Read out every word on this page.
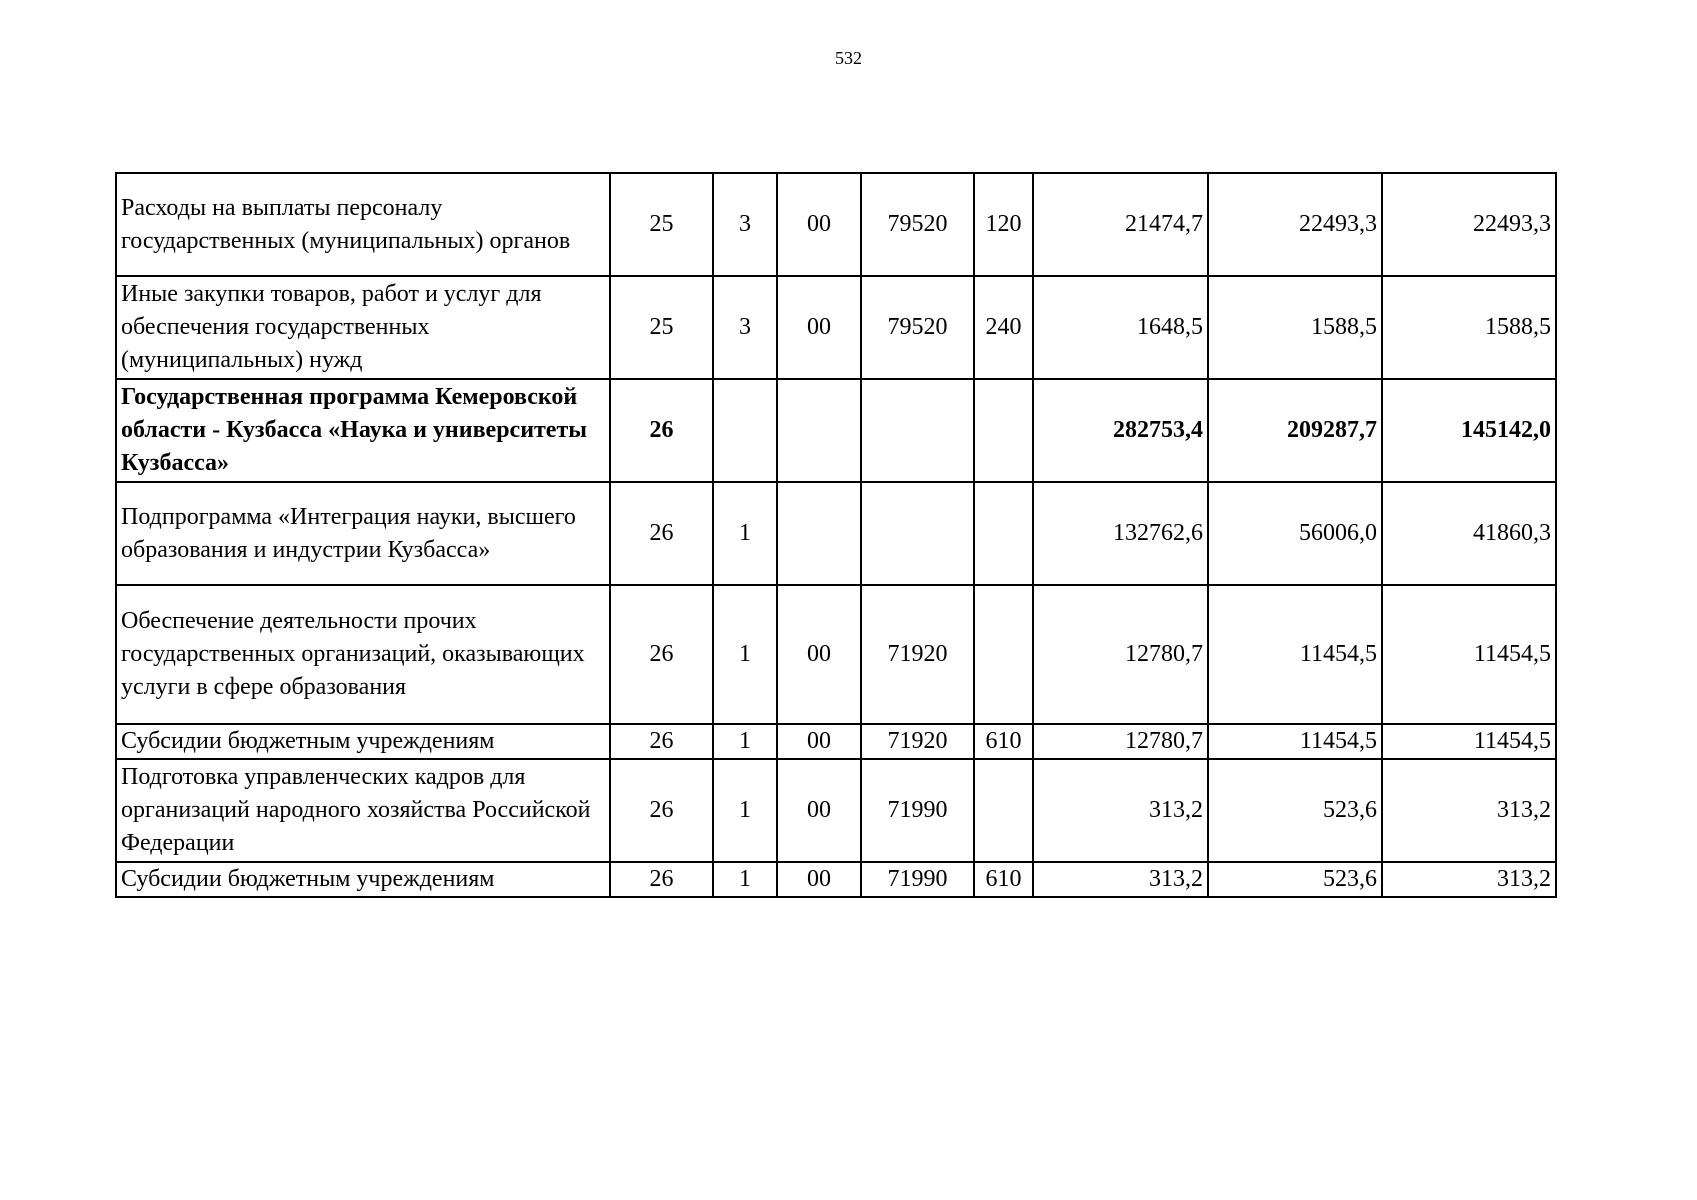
532
Расходы на выплаты персоналу государственных (муниципальных) органов	25	3	00	79520	120	21474,7	22493,3	22493,3
Иные закупки товаров, работ и услуг для обеспечения государственных (муниципальных) нужд	25	3	00	79520	240	1648,5	1588,5	1588,5
Государственная программа Кемеровской области - Кузбасса «Наука и университеты Кузбасса»	26					282753,4	209287,7	145142,0
Подпрограмма «Интеграция науки, высшего образования и индустрии Кузбасса»	26	1				132762,6	56006,0	41860,3
Обеспечение деятельности прочих государственных организаций, оказывающих услуги в сфере образования	26	1	00	71920		12780,7	11454,5	11454,5
Субсидии бюджетным учреждениям	26	1	00	71920	610	12780,7	11454,5	11454,5
Подготовка управленческих кадров для организаций народного хозяйства Российской Федерации	26	1	00	71990		313,2	523,6	313,2
Субсидии бюджетным учреждениям	26	1	00	71990	610	313,2	523,6	313,2
